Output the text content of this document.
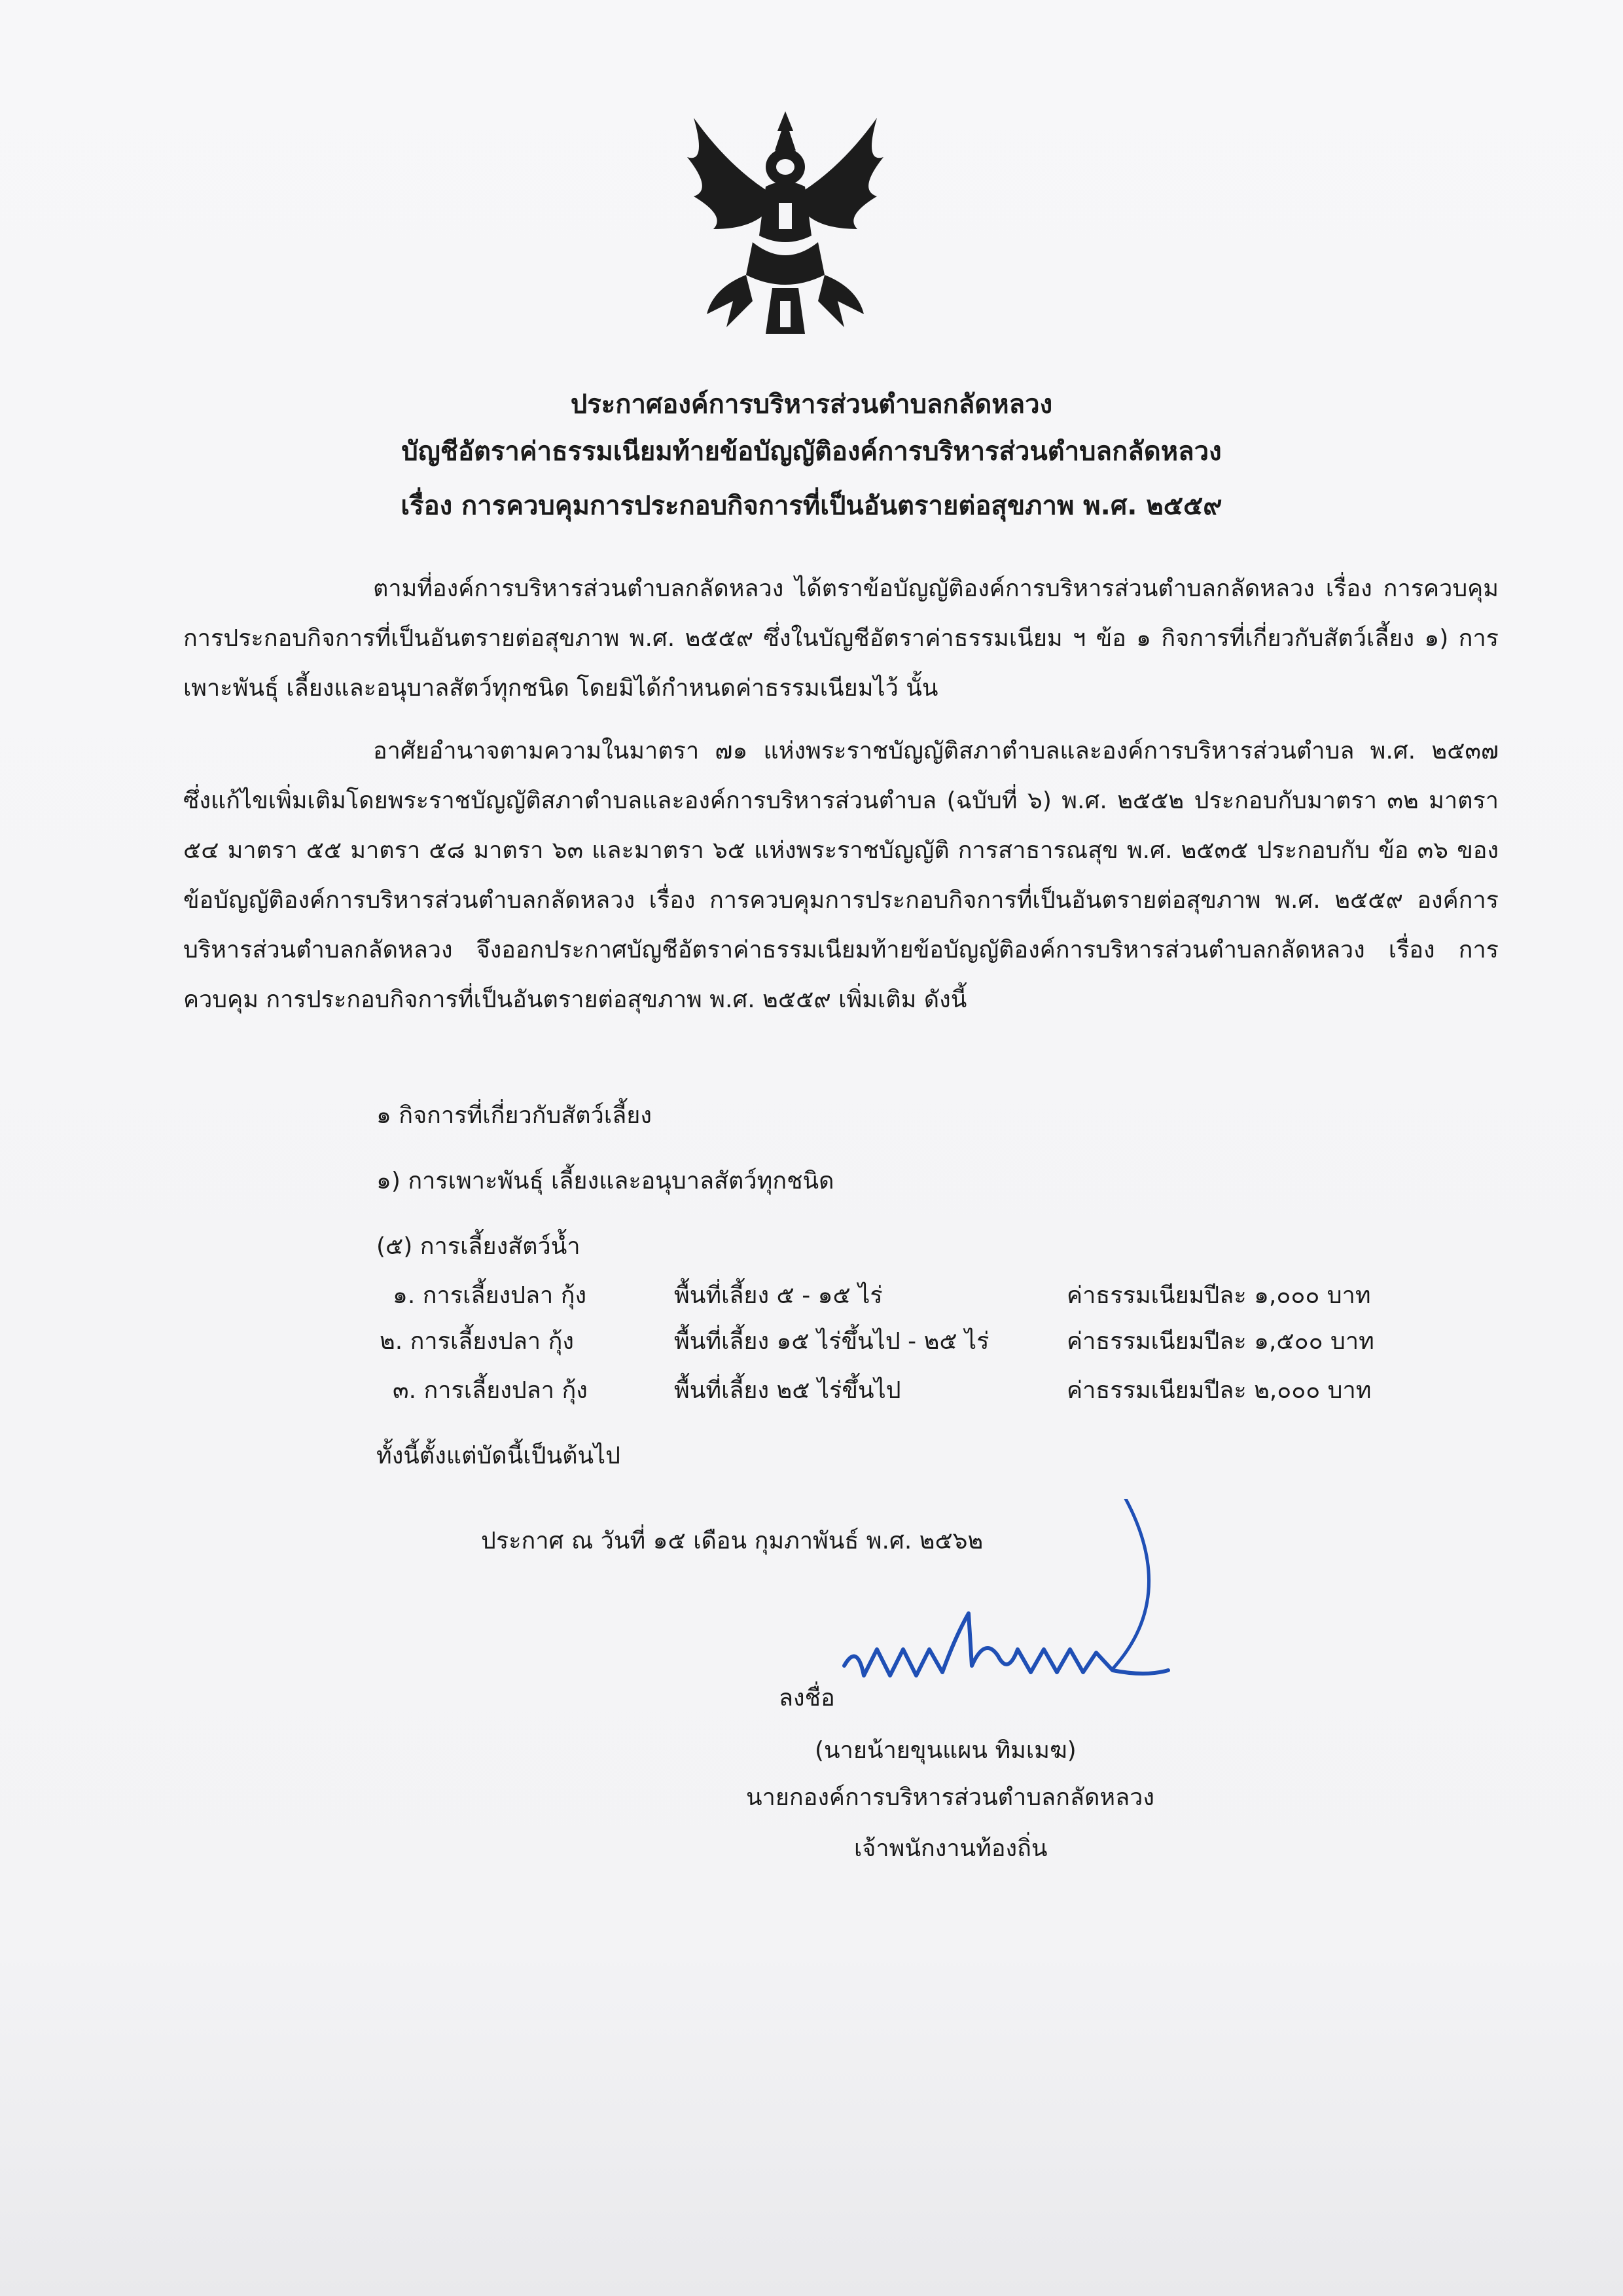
ประกาศองค์การบริหารส่วนตำบลกลัดหลวง
บัญชีอัตราค่าธรรมเนียมท้ายข้อบัญญัติองค์การบริหารส่วนตำบลกลัดหลวง
เรื่อง การควบคุมการประกอบกิจการที่เป็นอันตรายต่อสุขภาพ พ.ศ. ๒๕๕๙
ตามที่องค์การบริหารส่วนตำบลกลัดหลวง ได้ตราข้อบัญญัติองค์การบริหารส่วนตำบลกลัดหลวง เรื่อง การควบคุมการประกอบกิจการที่เป็นอันตรายต่อสุขภาพ พ.ศ. ๒๕๕๙ ซึ่งในบัญชีอัตราค่าธรรมเนียม ฯ ข้อ ๑ กิจการที่เกี่ยวกับสัตว์เลี้ยง ๑) การเพาะพันธุ์ เลี้ยงและอนุบาลสัตว์ทุกชนิด โดยมิได้กำหนดค่าธรรมเนียมไว้ นั้น
อาศัยอำนาจตามความในมาตรา ๗๑ แห่งพระราชบัญญัติสภาตำบลและองค์การบริหารส่วนตำบล พ.ศ. ๒๕๓๗ ซึ่งแก้ไขเพิ่มเติมโดยพระราชบัญญัติสภาตำบลและองค์การบริหารส่วนตำบล (ฉบับที่ ๖) พ.ศ. ๒๕๕๒ ประกอบกับมาตรา ๓๒ มาตรา ๕๔ มาตรา ๕๕ มาตรา ๕๘ มาตรา ๖๓ และมาตรา ๖๕ แห่งพระราชบัญญัติ การสาธารณสุข พ.ศ. ๒๕๓๕ ประกอบกับ ข้อ ๓๖ ของข้อบัญญัติองค์การบริหารส่วนตำบลกลัดหลวง เรื่อง การควบคุมการประกอบกิจการที่เป็นอันตรายต่อสุขภาพ พ.ศ. ๒๕๕๙ องค์การบริหารส่วนตำบลกลัดหลวง จึงออกประกาศบัญชีอัตราค่าธรรมเนียมท้ายข้อบัญญัติองค์การบริหารส่วนตำบลกลัดหลวง เรื่อง การควบคุม การประกอบกิจการที่เป็นอันตรายต่อสุขภาพ พ.ศ. ๒๕๕๙ เพิ่มเติม ดังนี้
๑ กิจการที่เกี่ยวกับสัตว์เลี้ยง
๑) การเพาะพันธุ์ เลี้ยงและอนุบาลสัตว์ทุกชนิด
(๕) การเลี้ยงสัตว์น้ำ
๑. การเลี้ยงปลา กุ้ง	พื้นที่เลี้ยง ๕ - ๑๕ ไร่	ค่าธรรมเนียมปีละ ๑,๐๐๐ บาท
๒. การเลี้ยงปลา กุ้ง	พื้นที่เลี้ยง ๑๕ ไร่ขึ้นไป - ๒๕ ไร่	ค่าธรรมเนียมปีละ ๑,๕๐๐ บาท
๓. การเลี้ยงปลา กุ้ง	พื้นที่เลี้ยง ๒๕ ไร่ขึ้นไป	ค่าธรรมเนียมปีละ ๒,๐๐๐ บาท
ทั้งนี้ตั้งแต่บัดนี้เป็นต้นไป
ประกาศ ณ วันที่ ๑๕ เดือน กุมภาพันธ์ พ.ศ. ๒๕๖๒
ลงชื่อ
(นายน้ายขุนแผน ทิมเมฆ)
นายกองค์การบริหารส่วนตำบลกลัดหลวง
เจ้าพนักงานท้องถิ่น
